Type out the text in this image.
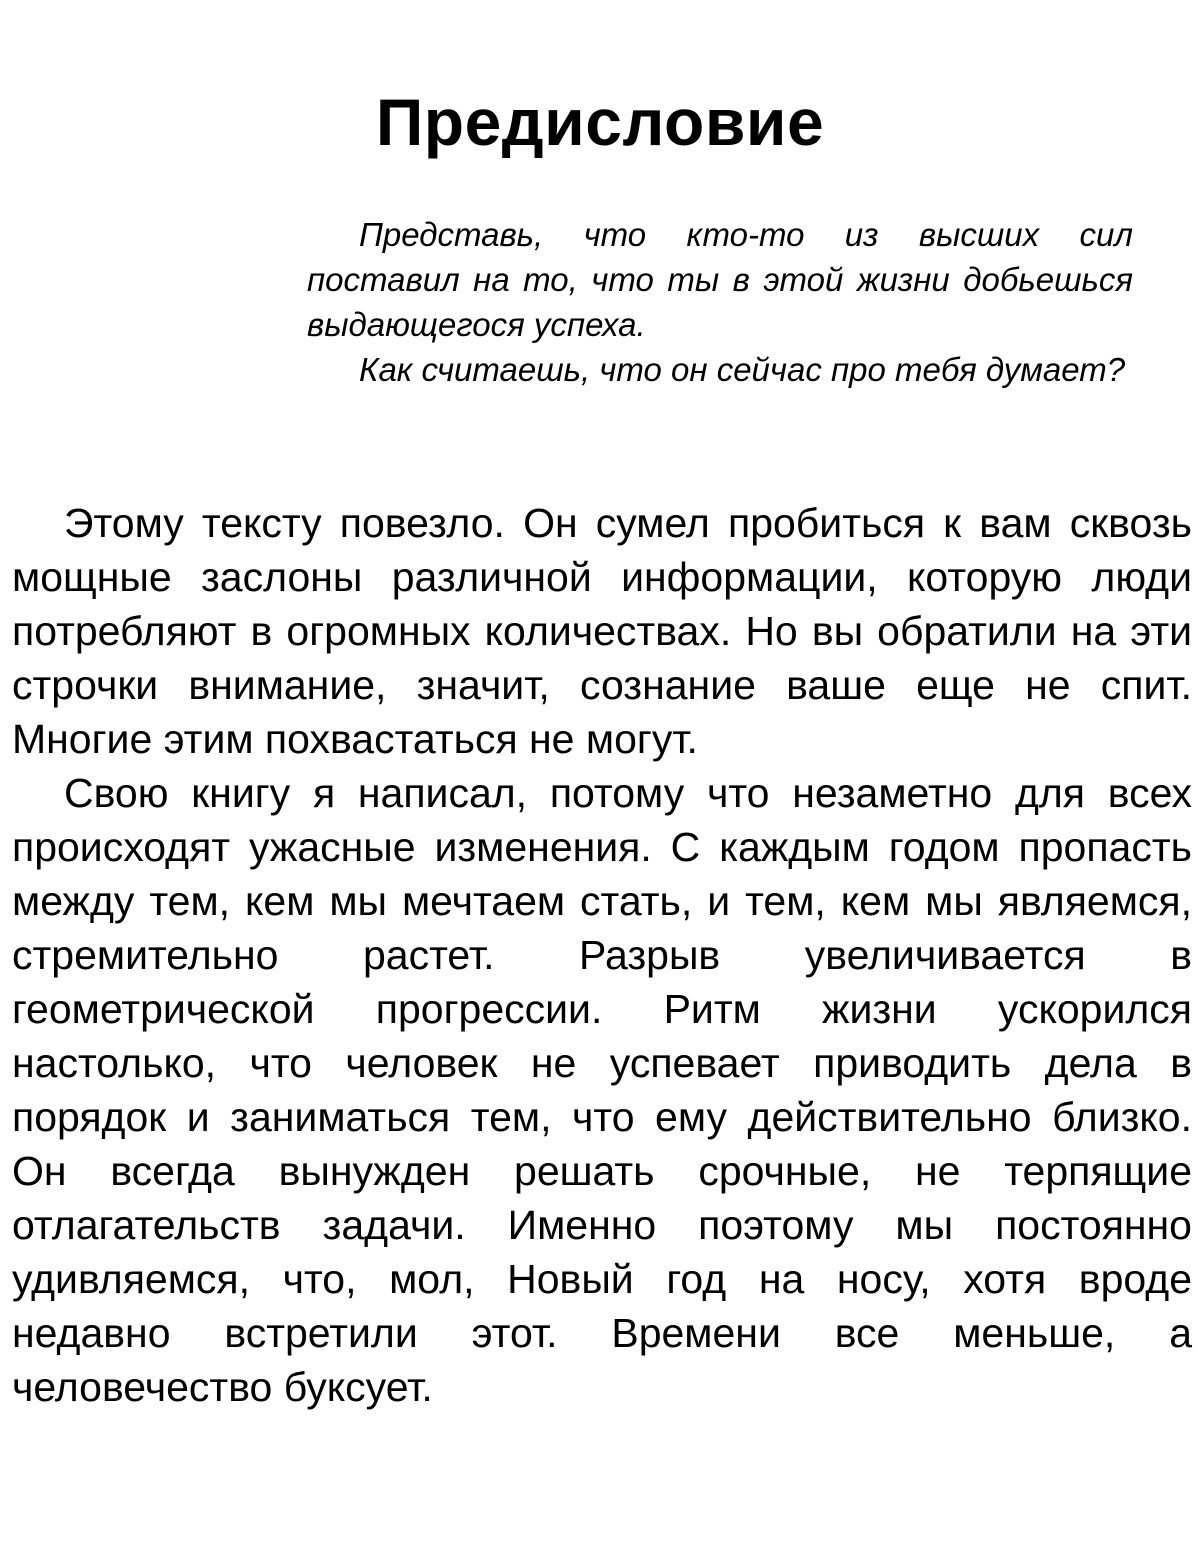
Предисловие

Представь, что кто-то из высших сил поставил на то, что ты в этой жизни добьешься выдающегося успеха.

Как считаешь, что он сейчас про тебя думает?

Этому тексту повезло. Он сумел пробиться к вам сквозь мощные заслоны различной информации, которую люди потребляют в огромных количествах. Но вы обратили на эти строчки внимание, значит, сознание ваше еще не спит. Многие этим похвастаться не могут.

Свою книгу я написал, потому что незаметно для всех происходят ужасные изменения. С каждым годом пропасть между тем, кем мы мечтаем стать, и тем, кем мы являемся, стремительно растет. Разрыв увеличивается в геометрической прогрессии. Ритм жизни ускорился настолько, что человек не успевает приводить дела в порядок и заниматься тем, что ему действительно близко. Он всегда вынужден решать срочные, не терпящие отлагательств задачи. Именно поэтому мы постоянно удивляемся, что, мол, Новый год на носу, хотя вроде недавно встретили этот. Времени все меньше, а человечество буксует.
